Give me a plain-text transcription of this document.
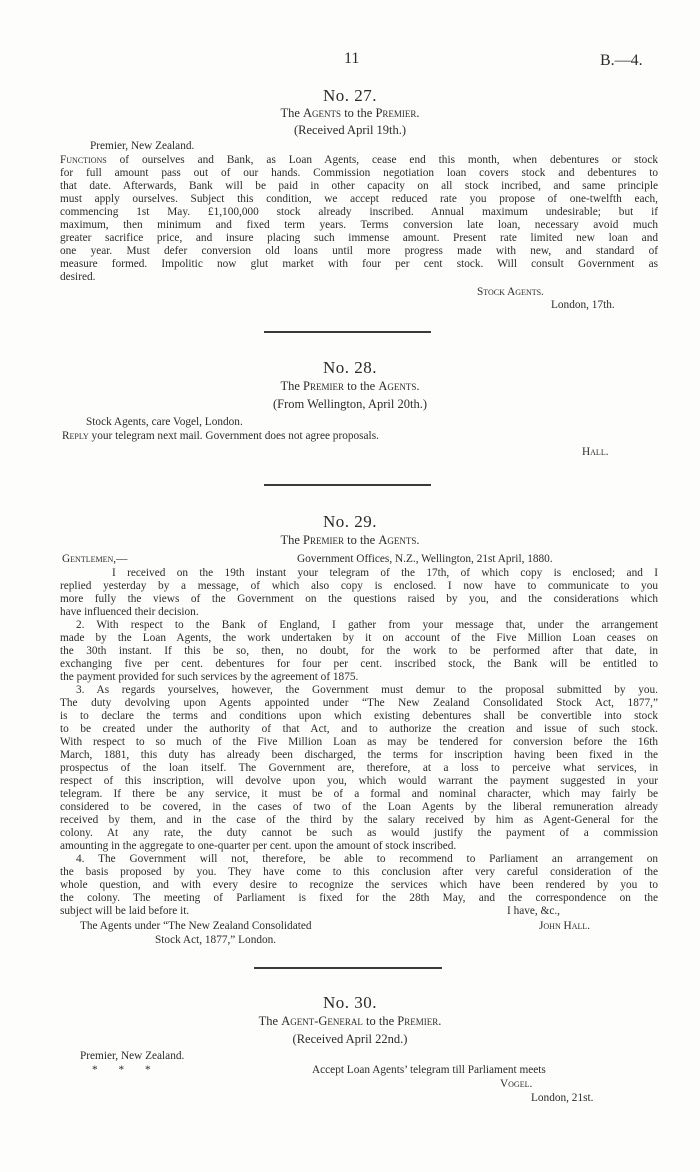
11	B.—4.
No. 27.
The Agents to the Premier.
(Received April 19th.)
Premier, New Zealand.
Functions of ourselves and Bank, as Loan Agents, cease end this month, when debentures or stock
for full amount pass out of our hands. Commission negotiation loan covers stock and debentures to
that date. Afterwards, Bank will be paid in other capacity on all stock incribed, and same principle
must apply ourselves. Subject this condition, we accept reduced rate you propose of one-twelfth each,
commencing 1st May. £1,100,000 stock already inscribed. Annual maximum undesirable; but if
maximum, then minimum and fixed term years. Terms conversion late loan, necessary avoid much
greater sacrifice price, and insure placing such immense amount. Present rate limited new loan and
one year. Must defer conversion old loans until more progress made with new, and standard of
measure formed. Impolitic now glut market with four per cent stock. Will consult Government as
desired.
Stock Agents.
London, 17th.
No. 28.
The Premier to the Agents.
(From Wellington, April 20th.)
Stock Agents, care Vogel, London.
Reply your telegram next mail. Government does not agree proposals.
Hall.
No. 29.
The Premier to the Agents.
Gentlemen,—	Government Offices, N.Z., Wellington, 21st April, 1880.
I received on the 19th instant your telegram of the 17th, of which copy is enclosed; and I
replied yesterday by a message, of which also copy is enclosed. I now have to communicate to you
more fully the views of the Government on the questions raised by you, and the considerations which
have influenced their decision.
2. With respect to the Bank of England, I gather from your message that, under the arrangement
made by the Loan Agents, the work undertaken by it on account of the Five Million Loan ceases on
the 30th instant. If this be so, then, no doubt, for the work to be performed after that date, in
exchanging five per cent. debentures for four per cent. inscribed stock, the Bank will be entitled to
the payment provided for such services by the agreement of 1875.
3. As regards yourselves, however, the Government must demur to the proposal submitted by you.
The duty devolving upon Agents appointed under “The New Zealand Consolidated Stock Act, 1877,”
is to declare the terms and conditions upon which existing debentures shall be convertible into stock
to be created under the authority of that Act, and to authorize the creation and issue of such stock.
With respect to so much of the Five Million Loan as may be tendered for conversion before the 16th
March, 1881, this duty has already been discharged, the terms for inscription having been fixed in the
prospectus of the loan itself. The Government are, therefore, at a loss to perceive what services, in
respect of this inscription, will devolve upon you, which would warrant the payment suggested in your
telegram. If there be any service, it must be of a formal and nominal character, which may fairly be
considered to be covered, in the cases of two of the Loan Agents by the liberal remuneration already
received by them, and in the case of the third by the salary received by him as Agent-General for the
colony. At any rate, the duty cannot be such as would justify the payment of a commission
amounting in the aggregate to one-quarter per cent. upon the amount of stock inscribed.
4. The Government will not, therefore, be able to recommend to Parliament an arrangement on
the basis proposed by you. They have come to this conclusion after very careful consideration of the
whole question, and with every desire to recognize the services which have been rendered by you to
the colony. The meeting of Parliament is fixed for the 28th May, and the correspondence on the
subject will be laid before it.	I have, &c.,
The Agents under “The New Zealand Consolidated	John Hall.
Stock Act, 1877,” London.
No. 30.
The Agent-General to the Premier.
(Received April 22nd.)
Premier, New Zealand.
* * *	Accept Loan Agents’ telegram till Parliament meets
Vogel.
London, 21st.
